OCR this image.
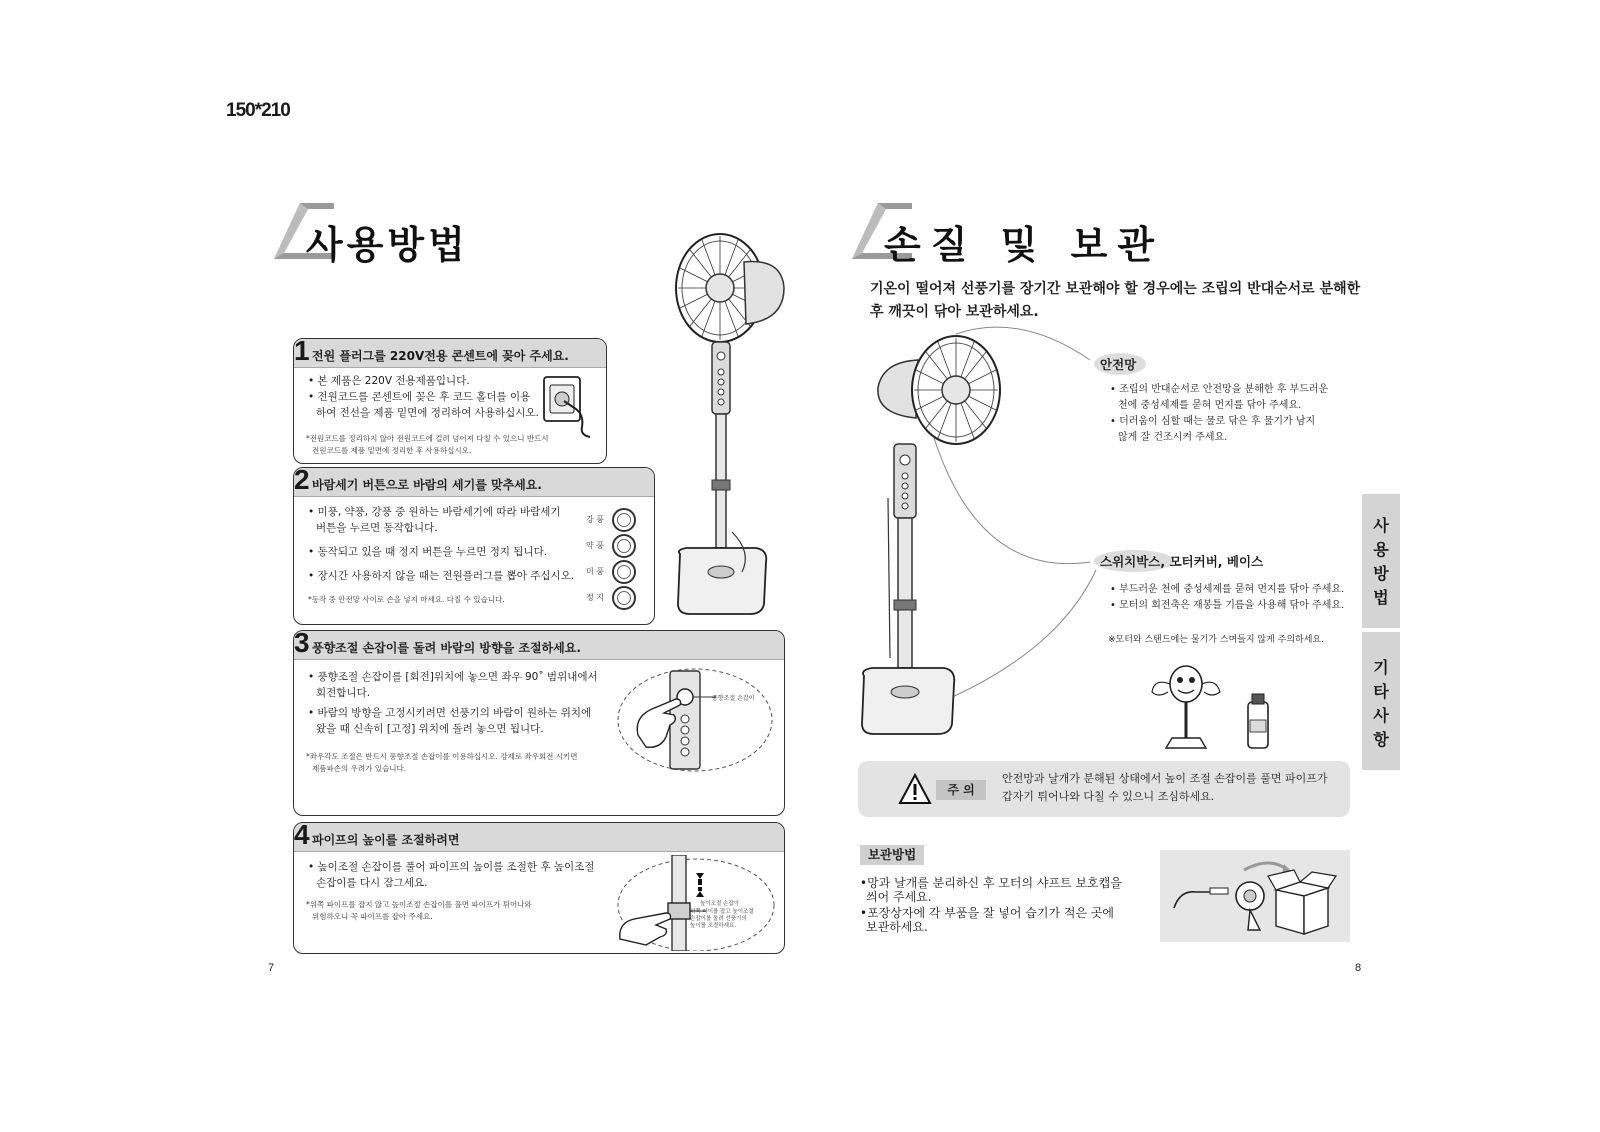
150*210
사용방법
1 전원 플러그를 220V전용 콘센트에 꽂아 주세요.
• 본 제품은 220V 전용제품입니다.
• 전원코드를 콘센트에 꽂은 후 코드 홀더를 이용
하여 전선을 제품 밑면에 정리하여 사용하십시오.
*전원코드를 정리하지 않아 전원코드에 걸려 넘어져 다칠 수 있으니 반드시
전원코드를 제품 밑면에 정리한 후 사용하십시오.
2 바람세기 버튼으로 바람의 세기를 맞추세요.
• 미풍, 약풍, 강풍 중 원하는 바람세기에 따라 바람세기
버튼을 누르면 동작합니다.
• 동작되고 있을 때 정지 버튼을 누르면 정지 됩니다.
• 장시간 사용하지 않을 때는 전원플러그를 뽑아 주십시오.
*동작 중 안전망 사이로 손을 넣지 마세요. 다칠 수 있습니다.
강 풍
약 풍
미 풍
정 지
3 풍향조절 손잡이를 돌려 바람의 방향을 조절하세요.
• 풍향조절 손잡이를 [회전]위치에 놓으면 좌우 90˚ 범위내에서
회전합니다.
• 바람의 방향을 고정시키려면 선풍기의 바람이 원하는 위치에
왔을 때 신속히 [고정] 위치에 돌려 놓으면 됩니다.
*좌우각도 조절은 반드시 풍향조절 손잡이를 이용하십시오. 강제로 좌우회전 시키면
제품파손의 우려가 있습니다.
풍향조절 손잡이
4 파이프의 높이를 조절하려면
• 높이조절 손잡이를 풀어 파이프의 높이를 조절한 후 높이조절
손잡이를 다시 잠그세요.
*위쪽 파이프를 잡지 않고 높이조절 손잡이를 풀면 파이프가 튀어나와
위험하오니 꼭 파이프를 잡아 주세요.
높이조절 손잡이
위쪽 파이를 잡고 높이조절
손잡이를 돌려 선풍기의
높이를 조절하세요.
7
손질 및 보관
기온이 떨어져 선풍기를 장기간 보관해야 할 경우에는 조립의 반대순서로 분해한
후 깨끗이 닦아 보관하세요.
안전망
• 조립의 반대순서로 안전망을 분해한 후 부드러운
천에 중성세제를 묻혀 먼지를 닦아 주세요.
• 더러움이 심할 때는 물로 닦은 후 물기가 남지
않게 잘 건조시켜 주세요.
스위치박스, 모터커버, 베이스
• 부드러운 천에 중성세제를 묻혀 먼지를 닦아 주세요.
• 모터의 회전축은 재봉틀 기름을 사용해 닦아 주세요.
※모터와 스탠드에는 물기가 스며들지 않게 주의하세요.
사
용
방
법
기
타
사
항
주 의
안전망과 날개가 분해된 상태에서 높이 조절 손잡이를 풀면 파이프가
갑자기 튀어나와 다칠 수 있으니 조심하세요.
보관방법
•망과 날개를 분리하신 후 모터의 샤프트 보호캡을
씌어 주세요.
•포장상자에 각 부품을 잘 넣어 습기가 적은 곳에
보관하세요.
8
